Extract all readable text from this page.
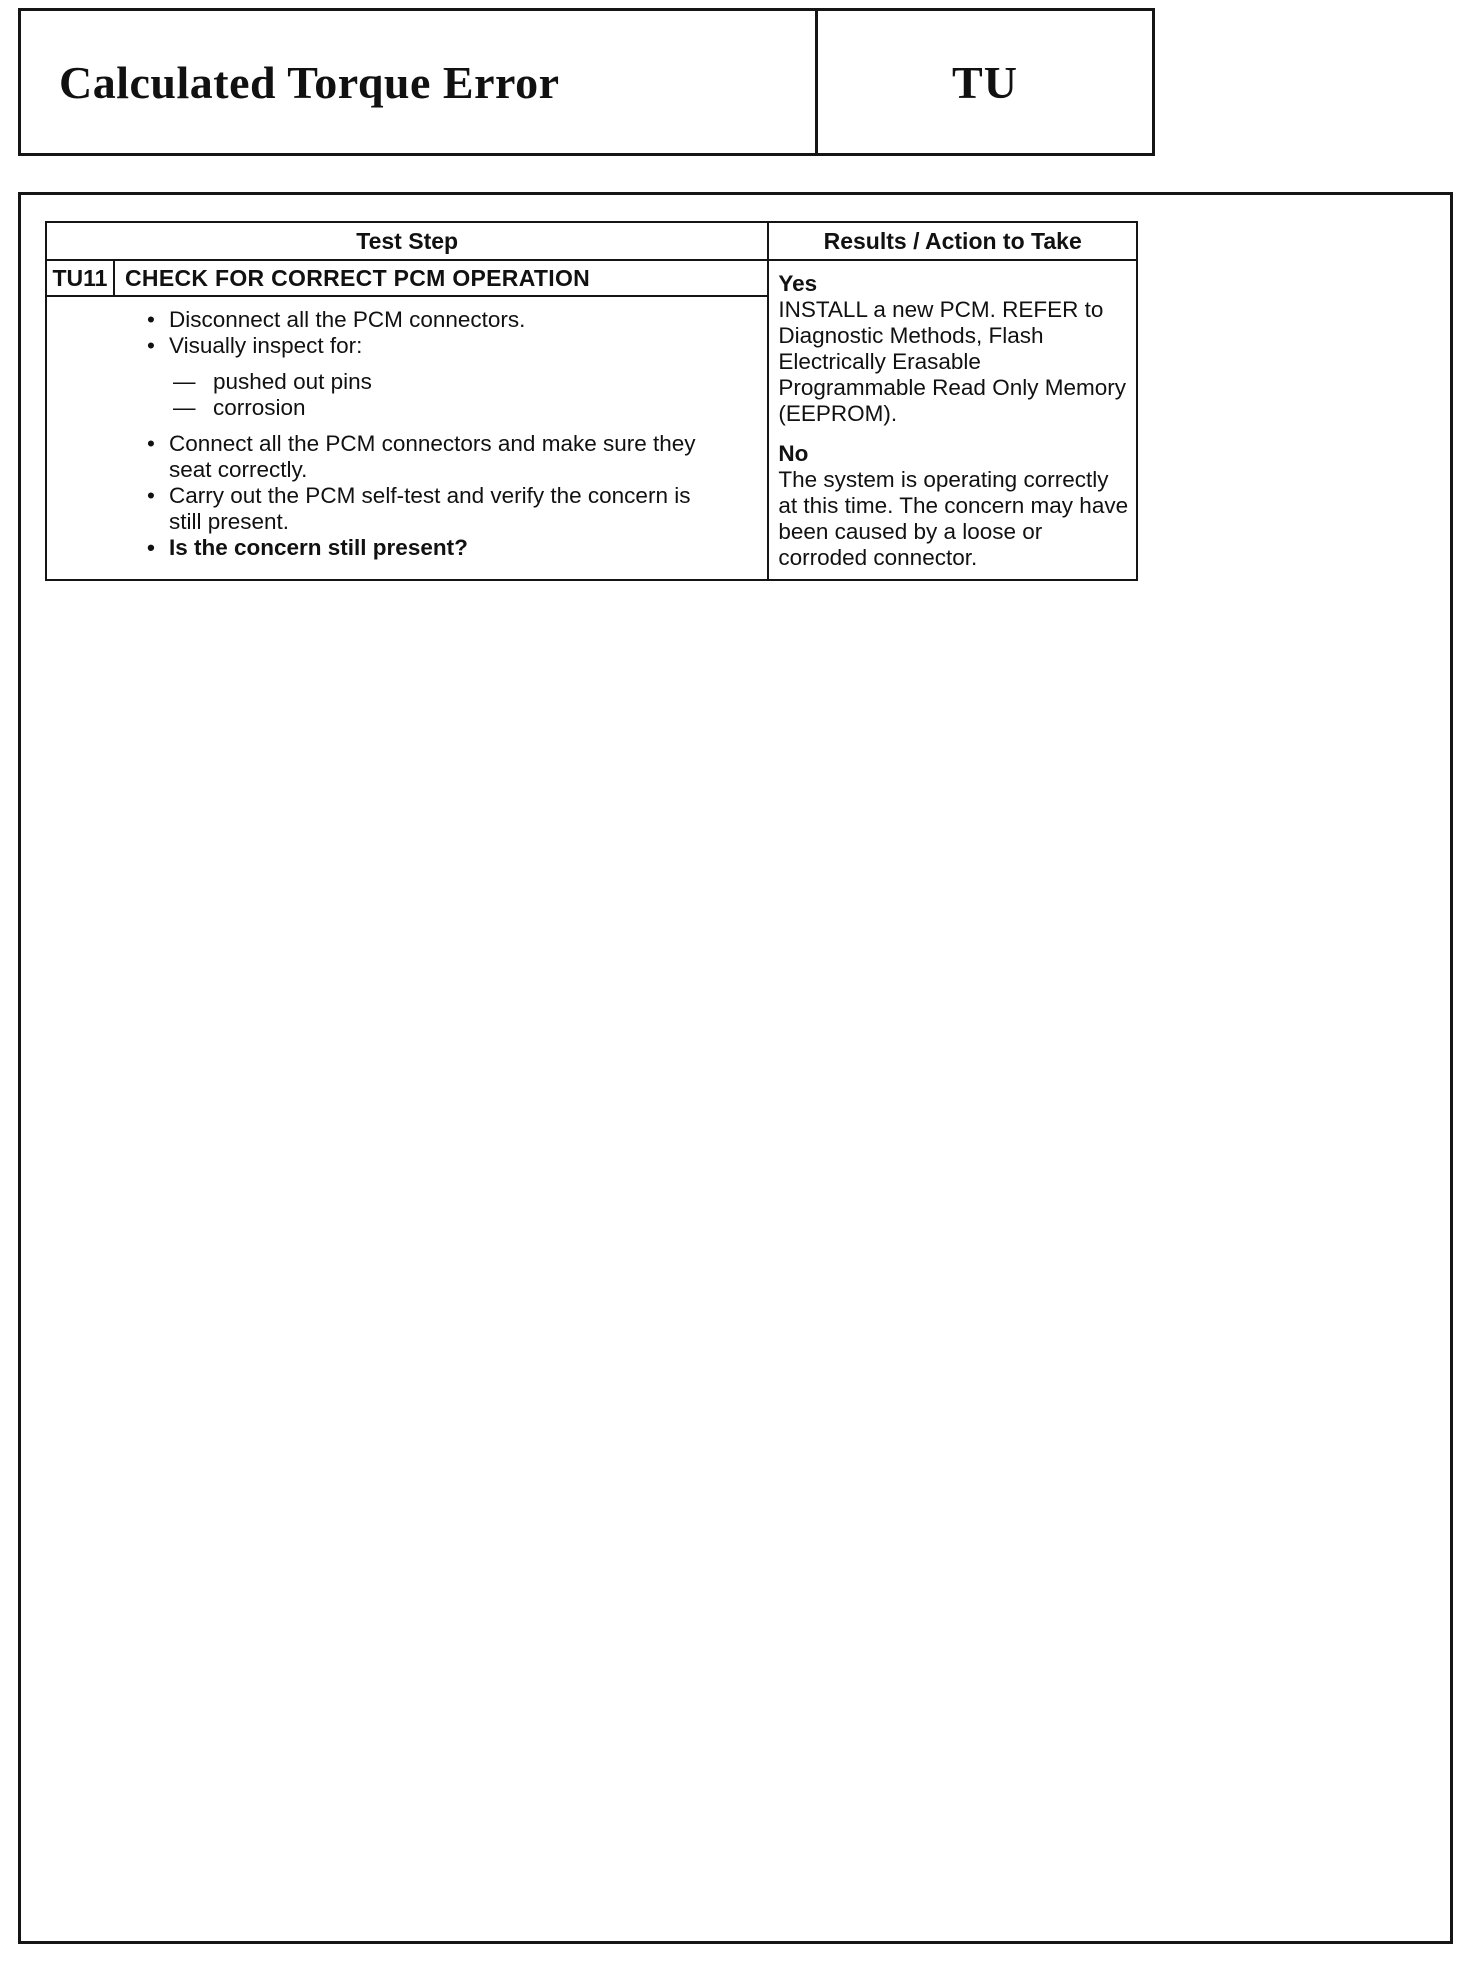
Calculated Torque Error	TU
Test Step
TU11 CHECK FOR CORRECT PCM OPERATION
• Disconnect all the PCM connectors.
• Visually inspect for:
— pushed out pins
— corrosion
• Connect all the PCM connectors and make sure they seat correctly.
• Carry out the PCM self-test and verify the concern is still present.
• Is the concern still present?
Results / Action to Take
Yes
INSTALL a new PCM. REFER to Diagnostic Methods, Flash Electrically Erasable Programmable Read Only Memory (EEPROM).
No
The system is operating correctly at this time. The concern may have been caused by a loose or corroded connector.
